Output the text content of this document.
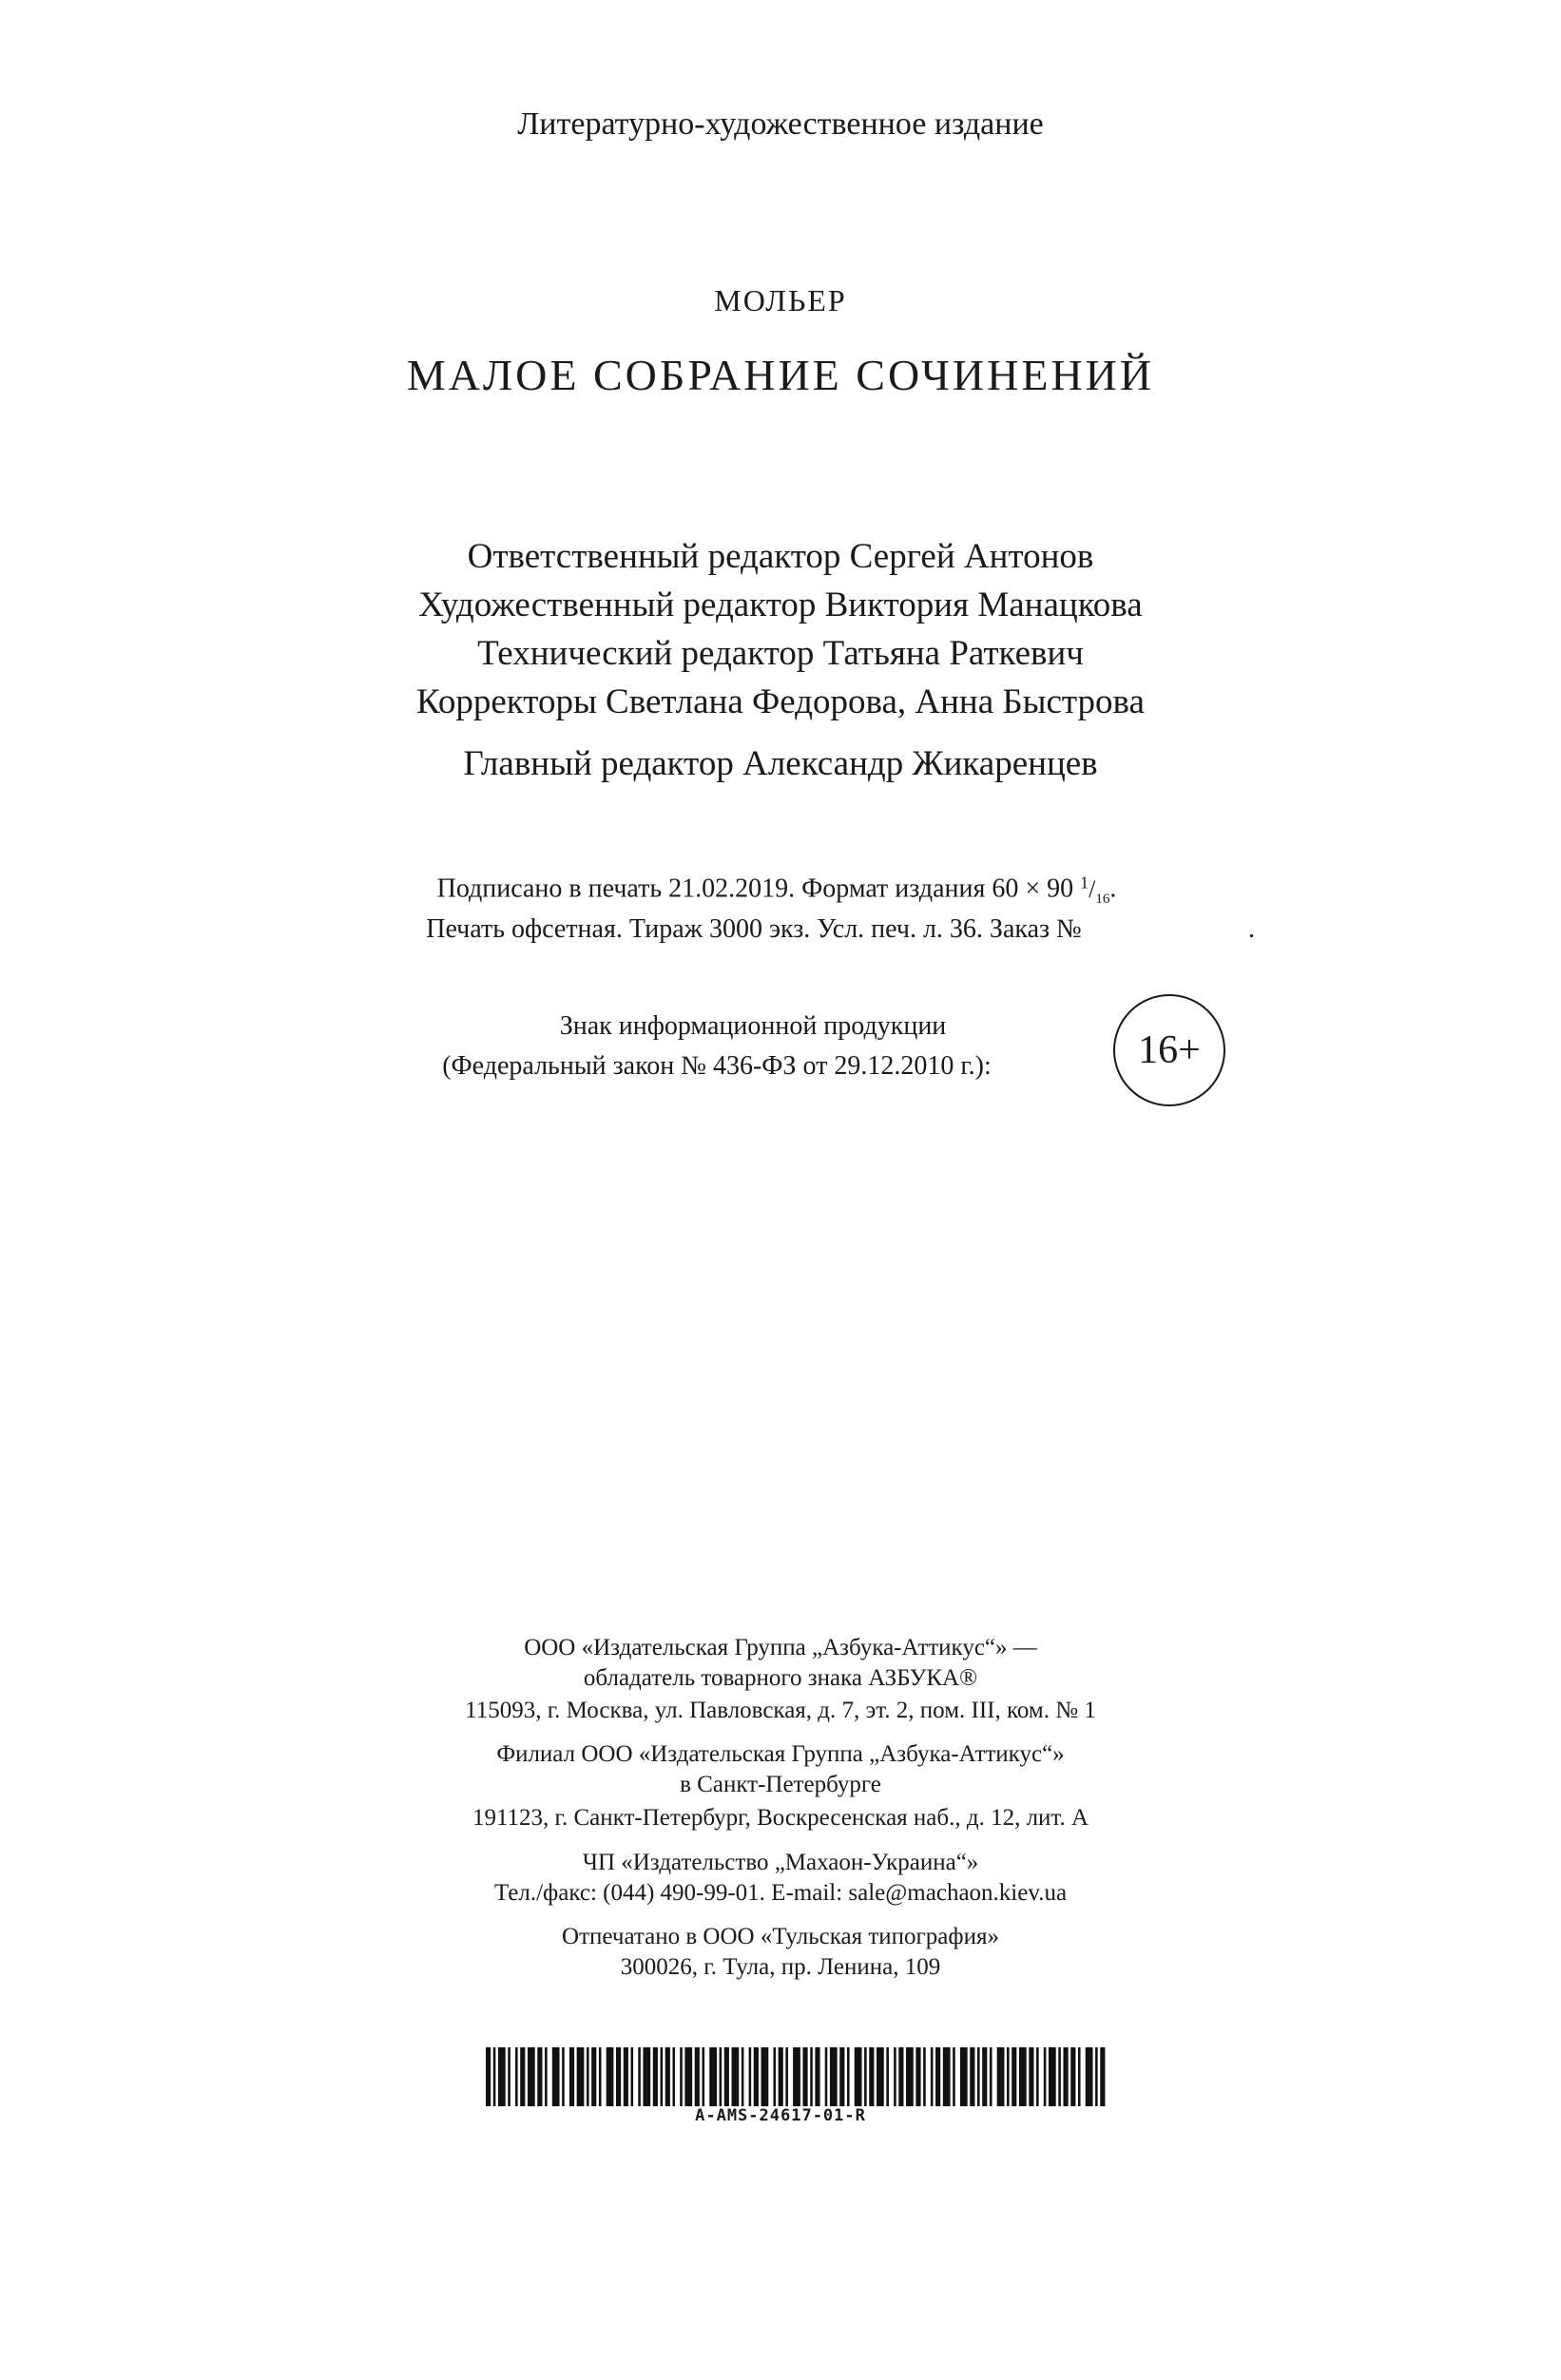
Литературно-художественное издание
МОЛЬЕР
МАЛОЕ СОБРАНИЕ СОЧИНЕНИЙ
Ответственный редактор Сергей Антонов
Художественный редактор Виктория Манацкова
Технический редактор Татьяна Раткевич
Корректоры Светлана Федорова, Анна Быстрова
Главный редактор Александр Жикаренцев
Подписано в печать 21.02.2019. Формат издания 60 × 90 $^1/_{16}$.
Печать офсетная. Тираж 3000 экз. Усл. печ. л. 36. Заказ №	.
Знак информационной продукции
(Федеральный закон № 436-ФЗ от 29.12.2010 г.):	16+
ООО «Издательская Группа „Азбука-Аттикус“» —
обладатель товарного знака АЗБУКА®
115093, г. Москва, ул. Павловская, д. 7, эт. 2, пом. III, ком. № 1
Филиал ООО «Издательская Группа „Азбука-Аттикус“»
в Санкт-Петербурге
191123, г. Санкт-Петербург, Воскресенская наб., д. 12, лит. А
ЧП «Издательство „Махаон-Украина“»
Тел./факс: (044) 490-99-01. E-mail: sale@machaon.kiev.ua
Отпечатано в ООО «Тульская типография»
300026, г. Тула, пр. Ленина, 109
A-AMS-24617-01-R
